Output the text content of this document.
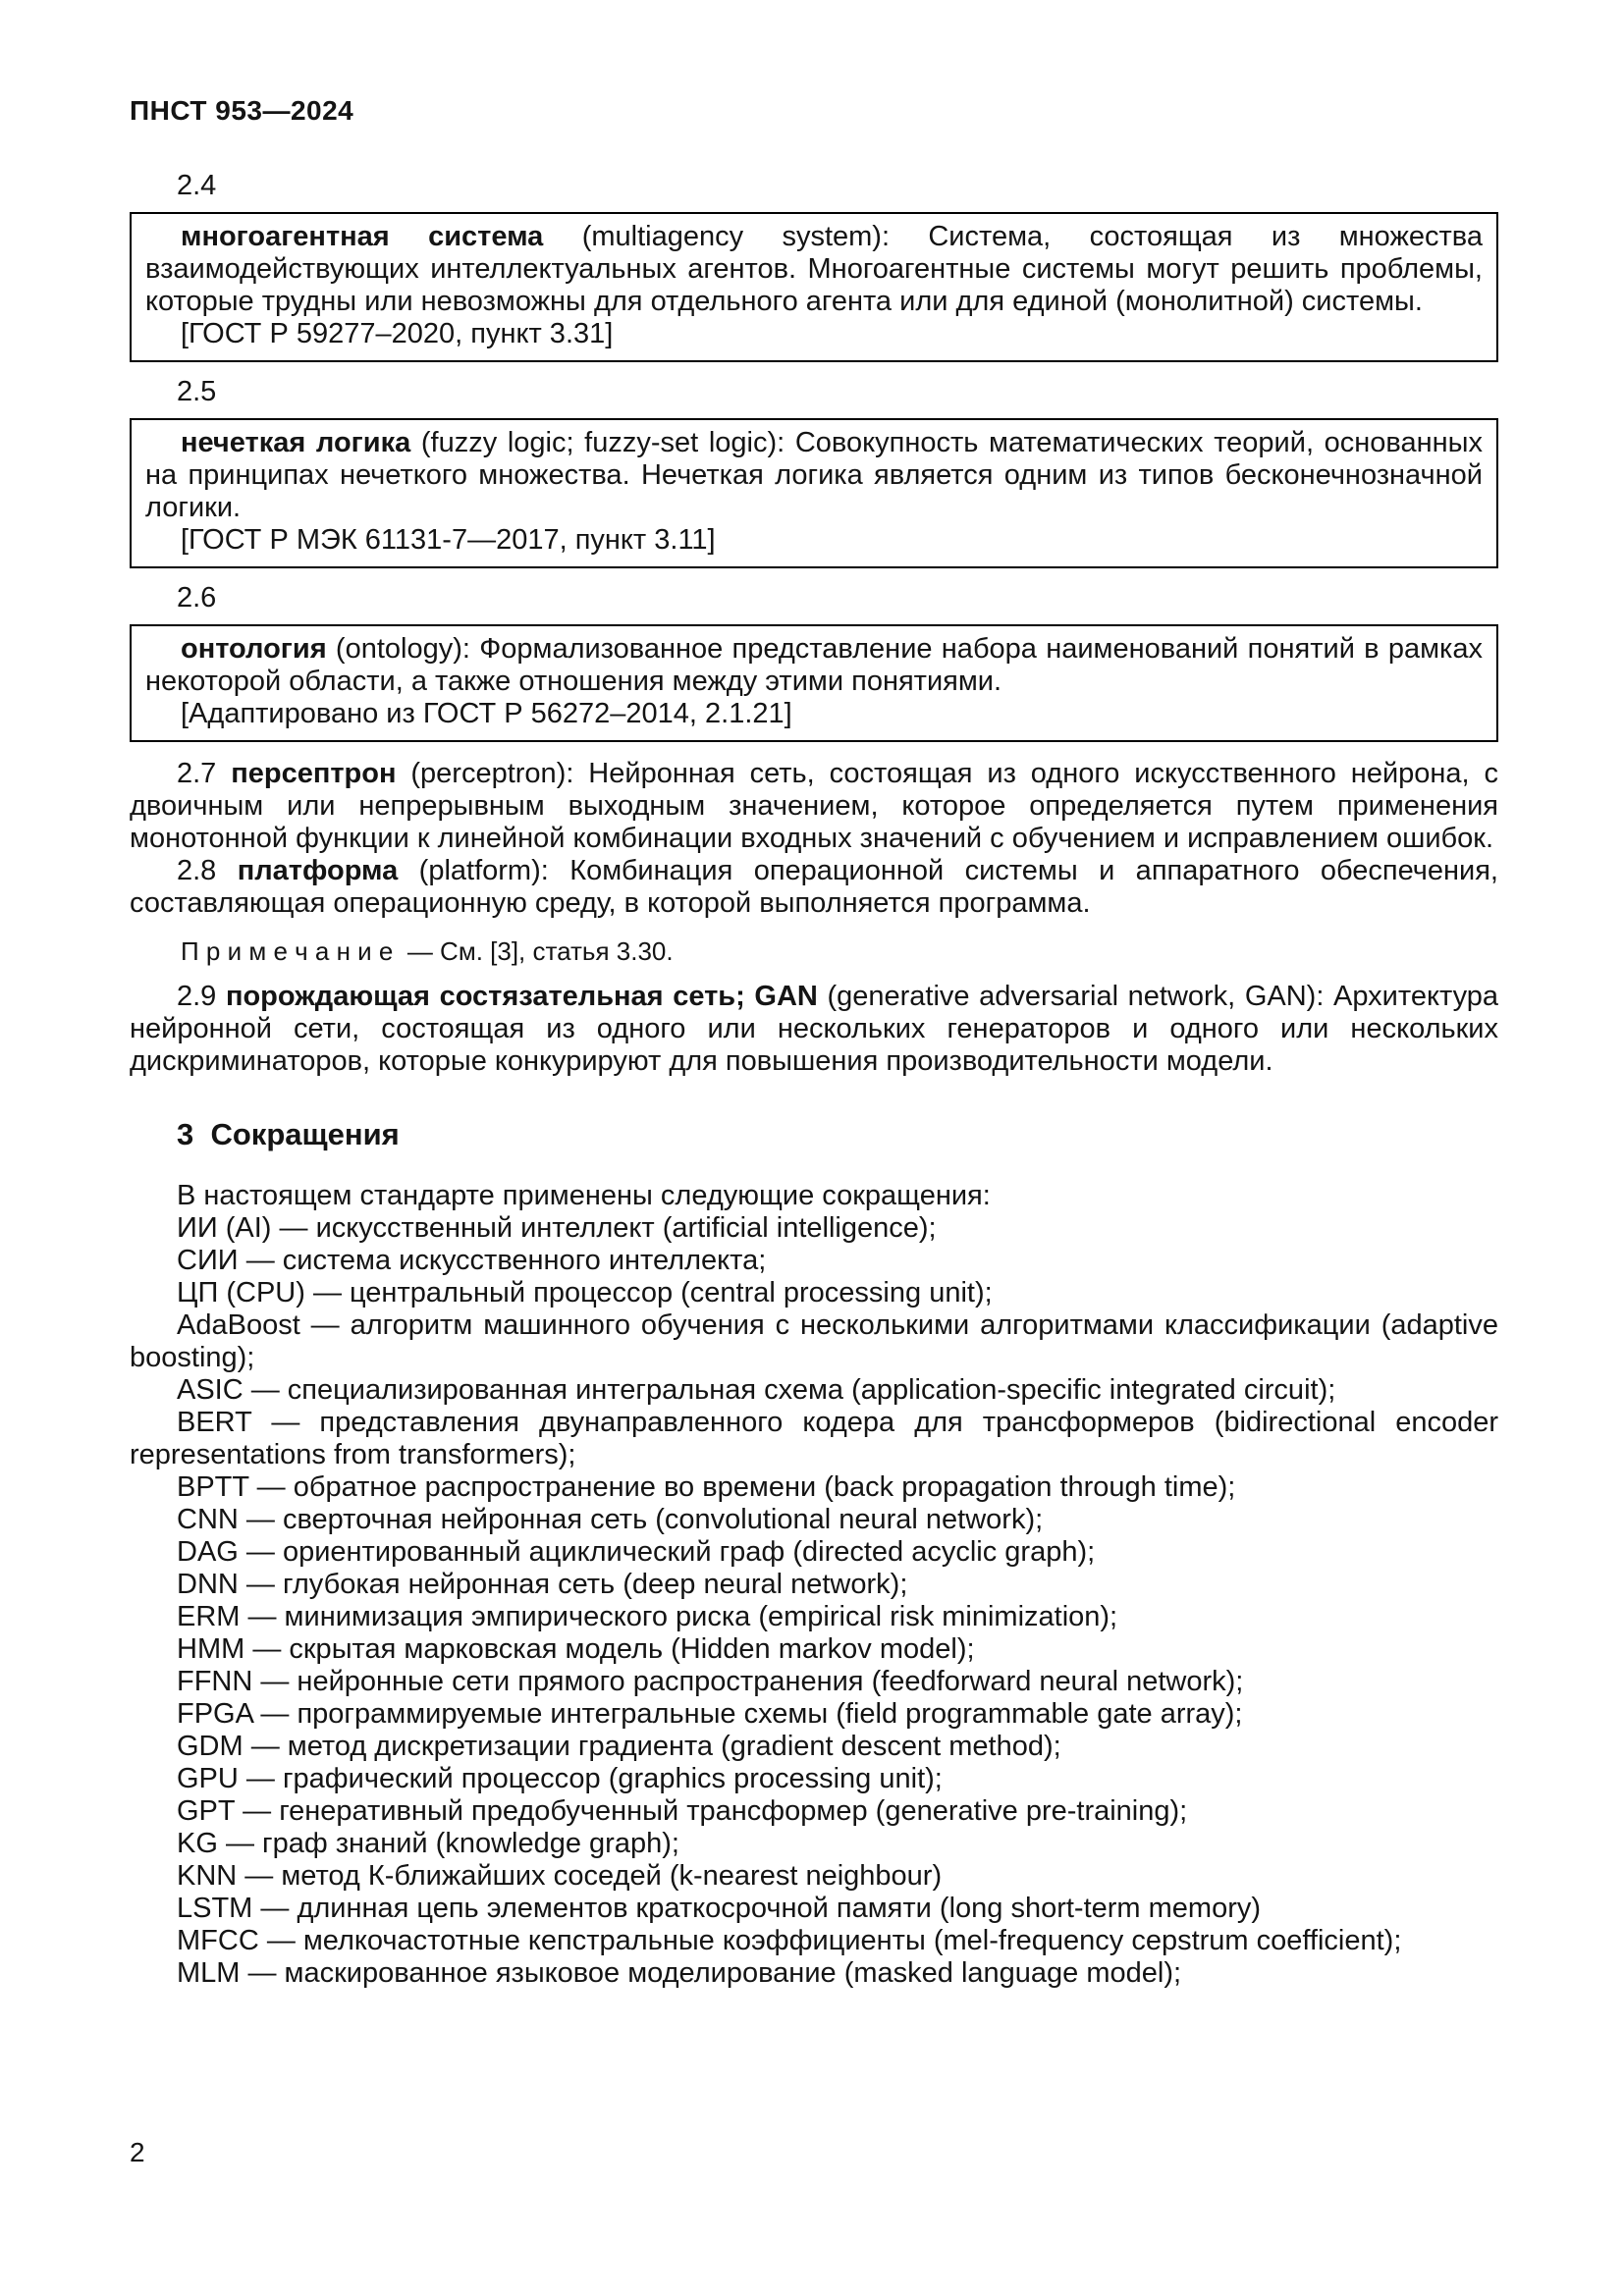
ПНСТ 953—2024

2.4

многоагентная система (multiagency system): Система, состоящая из множества взаимодействующих интеллектуальных агентов. Многоагентные системы могут решить проблемы, которые трудны или невозможны для отдельного агента или для единой (монолитной) системы.

[ГОСТ Р 59277–2020, пункт 3.31]

2.5

нечеткая логика (fuzzy logic; fuzzy-set logic): Совокупность математических теорий, основанных на принципах нечеткого множества. Нечеткая логика является одним из типов бесконечнозначной логики.

[ГОСТ Р МЭК 61131-7—2017, пункт 3.11]

2.6

онтология (ontology): Формализованное представление набора наименований понятий в рамках некоторой области, а также отношения между этими понятиями.

[Адаптировано из ГОСТ Р 56272–2014, 2.1.21]

2.7 персептрон (perceptron): Нейронная сеть, состоящая из одного искусственного нейрона, с двоичным или непрерывным выходным значением, которое определяется путем применения монотонной функции к линейной комбинации входных значений с обучением и исправлением ошибок.

2.8 платформа (platform): Комбинация операционной системы и аппаратного обеспечения, составляющая операционную среду, в которой выполняется программа.

П р и м е ч а н и е — См. [3], статья 3.30.

2.9 порождающая состязательная сеть; GAN (generative adversarial network, GAN): Архитектура нейронной сети, состоящая из одного или нескольких генераторов и одного или нескольких дискриминаторов, которые конкурируют для повышения производительности модели.

3 Сокращения

В настоящем стандарте применены следующие сокращения:

ИИ (AI) — искусственный интеллект (artificial intelligence);

СИИ — система искусственного интеллекта;

ЦП (CPU) — центральный процессор (central processing unit);

AdaBoost — алгоритм машинного обучения с несколькими алгоритмами классификации (adaptive boosting);

ASIC — специализированная интегральная схема (application-specific integrated circuit);

BERT — представления двунаправленного кодера для трансформеров (bidirectional encoder representations from transformers);

BPTT — обратное распространение во времени (back propagation through time);

CNN — сверточная нейронная сеть (convolutional neural network);

DAG — ориентированный ациклический граф (directed acyclic graph);

DNN — глубокая нейронная сеть (deep neural network);

ERM — минимизация эмпирического риска (empirical risk minimization);

HMM — скрытая марковская модель (Hidden markov model);

FFNN — нейронные сети прямого распространения (feedforward neural network);

FPGA — программируемые интегральные схемы (field programmable gate array);

GDM — метод дискретизации градиента (gradient descent method);

GPU — графический процессор (graphics processing unit);

GPT — генеративный предобученный трансформер (generative pre-training);

KG — граф знаний (knowledge graph);

KNN — метод К-ближайших соседей (k-nearest neighbour)

LSTM — длинная цепь элементов краткосрочной памяти (long short-term memory)

MFCC — мелкочастотные кепстральные коэффициенты (mel-frequency cepstrum coefficient);

MLM — маскированное языковое моделирование (masked language model);

2
